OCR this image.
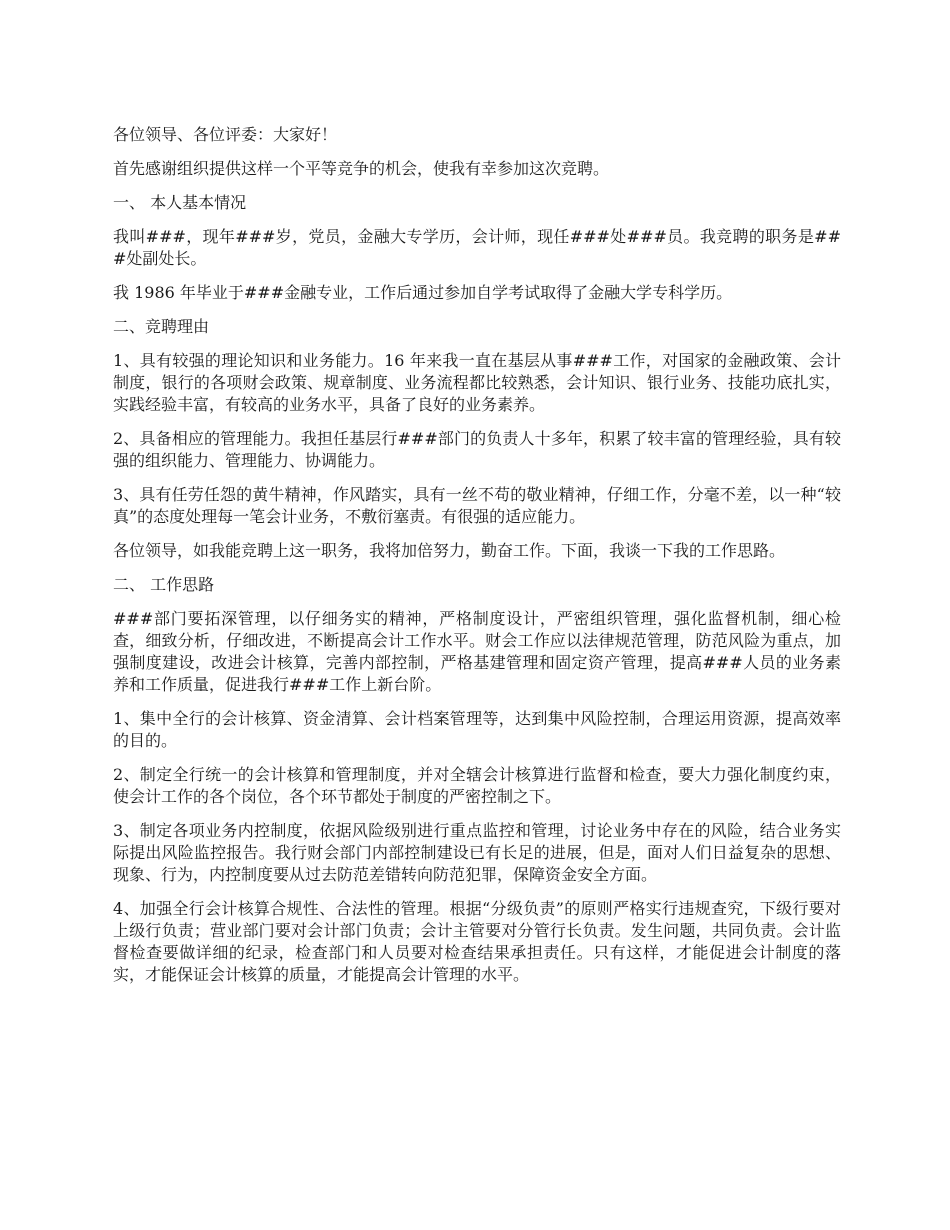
各位领导、各位评委：大家好！

首先感谢组织提供这样一个平等竞争的机会，使我有幸参加这次竞聘。

一、 本人基本情况

我叫###，现年###岁，党员，金融大专学历，会计师，现任###处###员。我竞聘的职务是###处副处长。

我 1986 年毕业于###金融专业，工作后通过参加自学考试取得了金融大学专科学历。

二、竞聘理由

1、具有较强的理论知识和业务能力。16 年来我一直在基层从事###工作，对国家的金融政策、会计制度，银行的各项财会政策、规章制度、业务流程都比较熟悉，会计知识、银行业务、技能功底扎实，实践经验丰富，有较高的业务水平，具备了良好的业务素养。

2、具备相应的管理能力。我担任基层行###部门的负责人十多年，积累了较丰富的管理经验，具有较强的组织能力、管理能力、协调能力。

3、具有任劳任怨的黄牛精神，作风踏实，具有一丝不苟的敬业精神，仔细工作，分毫不差，以一种“较真”的态度处理每一笔会计业务，不敷衍塞责。有很强的适应能力。

各位领导，如我能竞聘上这一职务，我将加倍努力，勤奋工作。下面，我谈一下我的工作思路。

二、 工作思路

###部门要拓深管理，以仔细务实的精神，严格制度设计，严密组织管理，强化监督机制，细心检查，细致分析，仔细改进，不断提高会计工作水平。财会工作应以法律规范管理，防范风险为重点，加强制度建设，改进会计核算，完善内部控制，严格基建管理和固定资产管理，提高###人员的业务素养和工作质量，促进我行###工作上新台阶。

1、集中全行的会计核算、资金清算、会计档案管理等，达到集中风险控制，合理运用资源，提高效率的目的。

2、制定全行统一的会计核算和管理制度，并对全辖会计核算进行监督和检查，要大力强化制度约束，使会计工作的各个岗位，各个环节都处于制度的严密控制之下。

3、制定各项业务内控制度，依据风险级别进行重点监控和管理，讨论业务中存在的风险，结合业务实际提出风险监控报告。我行财会部门内部控制建设已有长足的进展，但是，面对人们日益复杂的思想、现象、行为，内控制度要从过去防范差错转向防范犯罪，保障资金安全方面。

4、加强全行会计核算合规性、合法性的管理。根据“分级负责”的原则严格实行违规查究，下级行要对上级行负责；营业部门要对会计部门负责；会计主管要对分管行长负责。发生问题，共同负责。会计监督检查要做详细的纪录，检查部门和人员要对检查结果承担责任。只有这样，才能促进会计制度的落实，才能保证会计核算的质量，才能提高会计管理的水平。
